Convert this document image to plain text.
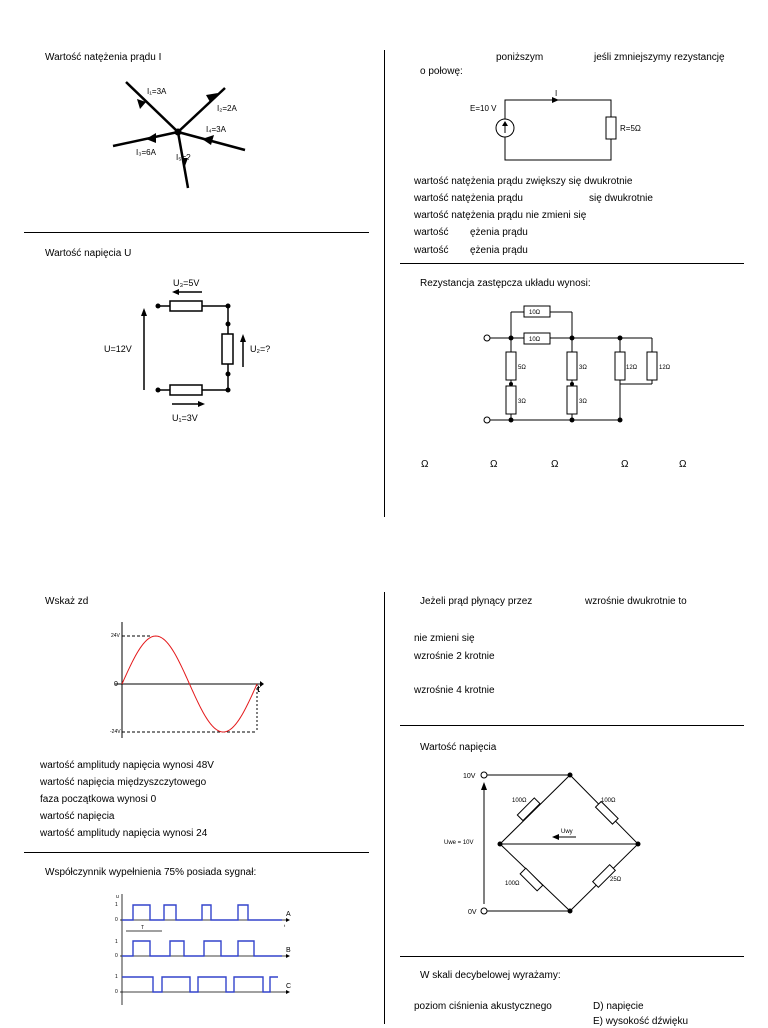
Wartość natężenia prądu I
I₁=3A
I₂=2A
I₄=3A
I₃=6A
I₅=?
Wartość napięcia U
U₃=5V
U₂=?
U=12V
U₁=3V
poniższym	jeśli zmniejszymy rezystancję
o połowę:
E=10 V
I
R=5Ω
wartość natężenia prądu zwiększy się dwukrotnie
wartość natężenia prądu	się dwukrotnie
wartość natężenia prądu nie zmieni się
wartość ężenia prądu
wartość ężenia prądu
Rezystancja zastępcza układu wynosi:
10Ω
10Ω
5Ω
3Ω
3Ω
3Ω
12Ω	12Ω
Ω	Ω	Ω	Ω	Ω
Wskaż zd
24V
0
-24V
t
wartość amplitudy napięcia wynosi 48V
wartość napięcia międzyszczytowego
faza początkowa wynosi 0
wartość napięcia
wartość amplitudy napięcia wynosi 24
Współczynnik wypełnienia 75% posiada sygnał:
u
T
1
0
1
0
1
0
t
A
B
C
Jeżeli prąd płynący przez	wzrośnie dwukrotnie to
nie zmieni się
wzrośnie 2 krotnie
wzrośnie 4 krotnie
Wartość napięcia
10V
0V
Uwe = 10V
Uwy
100Ω	100Ω
100Ω
25Ω
W skali decybelowej wyrażamy:
poziom ciśnienia akustycznego	D) napięcie
E) wysokość dźwięku
